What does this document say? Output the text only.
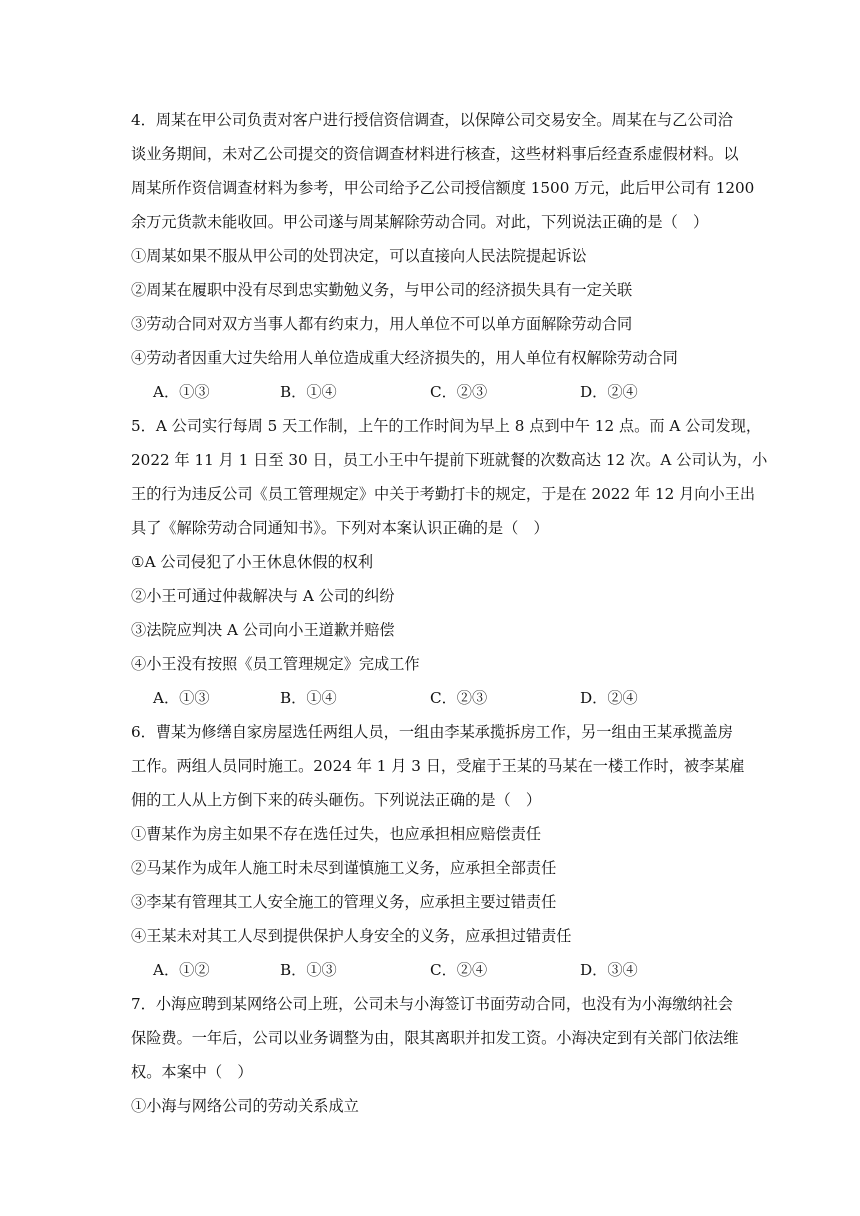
4．周某在甲公司负责对客户进行授信资信调查，以保障公司交易安全。周某在与乙公司洽
谈业务期间，未对乙公司提交的资信调查材料进行核查，这些材料事后经查系虚假材料。以
周某所作资信调查材料为参考，甲公司给予乙公司授信额度 1500 万元，此后甲公司有 1200
余万元货款未能收回。甲公司遂与周某解除劳动合同。对此，下列说法正确的是（　）
①周某如果不服从甲公司的处罚决定，可以直接向人民法院提起诉讼
②周某在履职中没有尽到忠实勤勉义务，与甲公司的经济损失具有一定关联
③劳动合同对双方当事人都有约束力，用人单位不可以单方面解除劳动合同
④劳动者因重大过失给用人单位造成重大经济损失的，用人单位有权解除劳动合同
A．①③	B．①④	C．②③	D．②④
5．A 公司实行每周 5 天工作制，上午的工作时间为早上 8 点到中午 12 点。而 A 公司发现，
2022 年 11 月 1 日至 30 日，员工小王中午提前下班就餐的次数高达 12 次。A 公司认为，小
王的行为违反公司《员工管理规定》中关于考勤打卡的规定，于是在 2022 年 12 月向小王出
具了《解除劳动合同通知书》。下列对本案认识正确的是（　）
①A 公司侵犯了小王休息休假的权利
②小王可通过仲裁解决与 A 公司的纠纷
③法院应判决 A 公司向小王道歉并赔偿
④小王没有按照《员工管理规定》完成工作
A．①③	B．①④	C．②③	D．②④
6．曹某为修缮自家房屋选任两组人员，一组由李某承揽拆房工作，另一组由王某承揽盖房
工作。两组人员同时施工。2024 年 1 月 3 日，受雇于王某的马某在一楼工作时，被李某雇
佣的工人从上方倒下来的砖头砸伤。下列说法正确的是（　）
①曹某作为房主如果不存在选任过失，也应承担相应赔偿责任
②马某作为成年人施工时未尽到谨慎施工义务，应承担全部责任
③李某有管理其工人安全施工的管理义务，应承担主要过错责任
④王某未对其工人尽到提供保护人身安全的义务，应承担过错责任
A．①②	B．①③	C．②④	D．③④
7．小海应聘到某网络公司上班，公司未与小海签订书面劳动合同，也没有为小海缴纳社会
保险费。一年后，公司以业务调整为由，限其离职并扣发工资。小海决定到有关部门依法维
权。本案中（　）
①小海与网络公司的劳动关系成立
